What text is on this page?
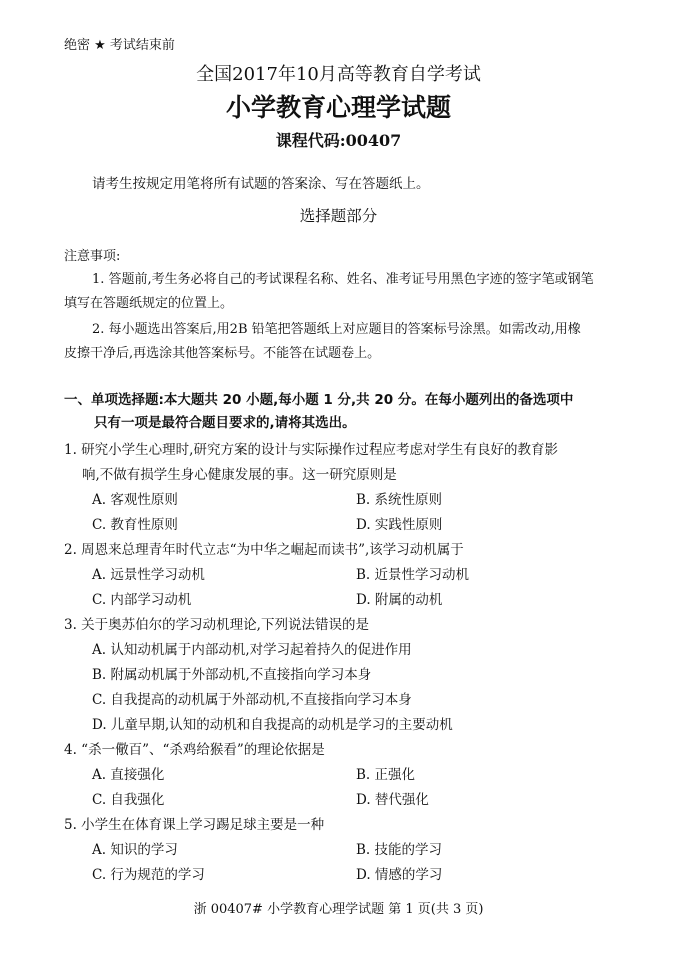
绝密 ★ 考试结束前
全国2017年10月高等教育自学考试
小学教育心理学试题
课程代码:00407
请考生按规定用笔将所有试题的答案涂、写在答题纸上。
选择题部分
注意事项:
1. 答题前,考生务必将自己的考试课程名称、姓名、准考证号用黑色字迹的签字笔或钢笔
填写在答题纸规定的位置上。
2. 每小题选出答案后,用2B 铅笔把答题纸上对应题目的答案标号涂黑。如需改动,用橡
皮擦干净后,再选涂其他答案标号。不能答在试题卷上。
一、单项选择题:本大题共 20 小题,每小题 1 分,共 20 分。在每小题列出的备选项中
只有一项是最符合题目要求的,请将其选出。
1. 研究小学生心理时,研究方案的设计与实际操作过程应考虑对学生有良好的教育影
响,不做有损学生身心健康发展的事。这一研究原则是
A. 客观性原则	B. 系统性原则
C. 教育性原则	D. 实践性原则
2. 周恩来总理青年时代立志“为中华之崛起而读书”,该学习动机属于
A. 远景性学习动机	B. 近景性学习动机
C. 内部学习动机	D. 附属的动机
3. 关于奥苏伯尔的学习动机理论,下列说法错误的是
A. 认知动机属于内部动机,对学习起着持久的促进作用
B. 附属动机属于外部动机,不直接指向学习本身
C. 自我提高的动机属于外部动机,不直接指向学习本身
D. 儿童早期,认知的动机和自我提高的动机是学习的主要动机
4. “杀一儆百”、“杀鸡给猴看”的理论依据是
A. 直接强化	B. 正强化
C. 自我强化	D. 替代强化
5. 小学生在体育课上学习踢足球主要是一种
A. 知识的学习	B. 技能的学习
C. 行为规范的学习	D. 情感的学习
浙 00407# 小学教育心理学试题 第 1 页(共 3 页)
